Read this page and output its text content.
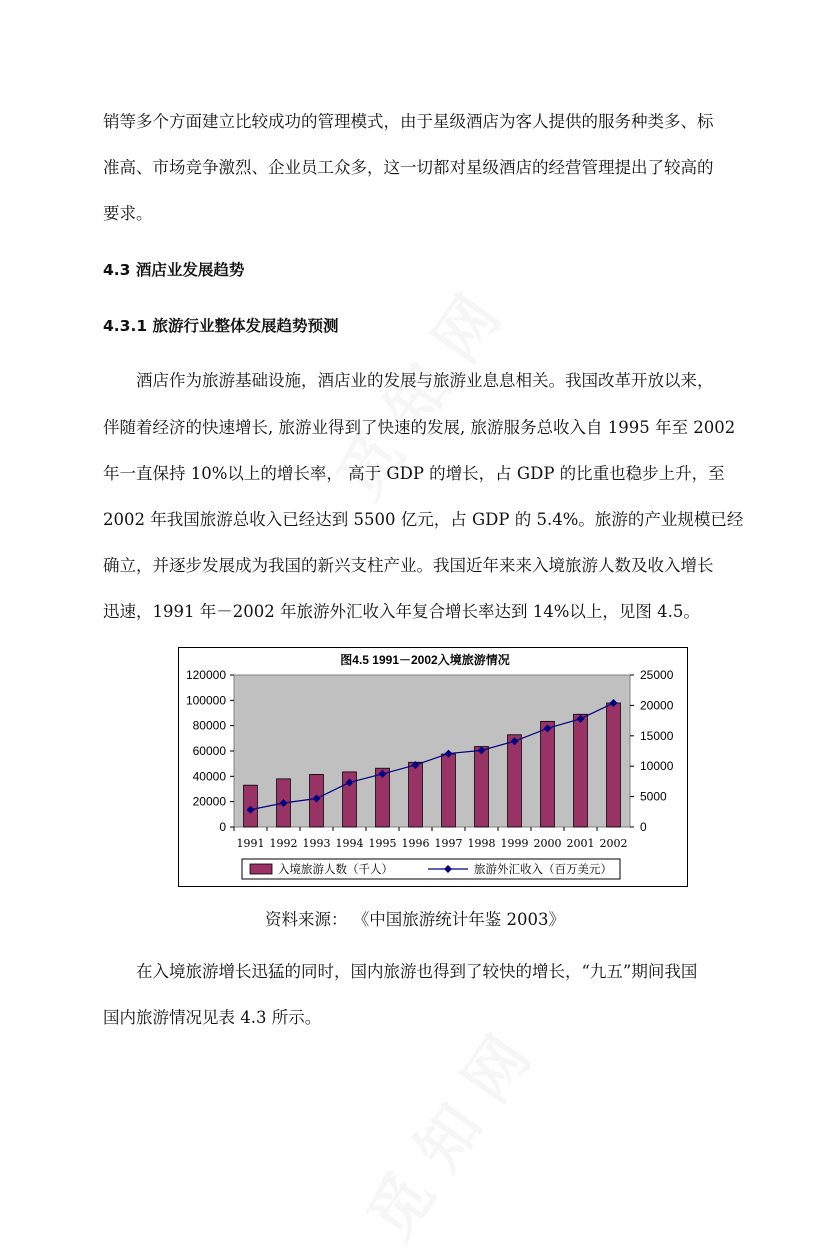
销等多个方面建立比较成功的管理模式，由于星级酒店为客人提供的服务种类多、标
准高、市场竞争激烈、企业员工众多，这一切都对星级酒店的经营管理提出了较高的
要求。
4.3 酒店业发展趋势
4.3.1 旅游行业整体发展趋势预测
酒店作为旅游基础设施，酒店业的发展与旅游业息息相关。我国改革开放以来，
伴随着经济的快速增长, 旅游业得到了快速的发展, 旅游服务总收入自 1995 年至 2002
年一直保持 10%以上的增长率， 高于 GDP 的增长，占 GDP 的比重也稳步上升，至
2002 年我国旅游总收入已经达到 5500 亿元，占 GDP 的 5.4%。旅游的产业规模已经
确立，并逐步发展成为我国的新兴支柱产业。我国近年来来入境旅游人数及收入增长
迅速，1991 年－2002 年旅游外汇收入年复合增长率达到 14%以上，见图 4.5。
图4.5 1991－2002入境旅游情况
0
20000
40000
60000
80000
100000
120000
0
5000
10000
15000
20000
25000
1991 1992 1993 1994 1995 1996 1997 1998 1999 2000 2001 2002
入境旅游人数（千人）	旅游外汇收入（百万美元）
资料来源： 《中国旅游统计年鉴 2003》
在入境旅游增长迅猛的同时，国内旅游也得到了较快的增长，“九五”期间我国
国内旅游情况见表 4.3 所示。
